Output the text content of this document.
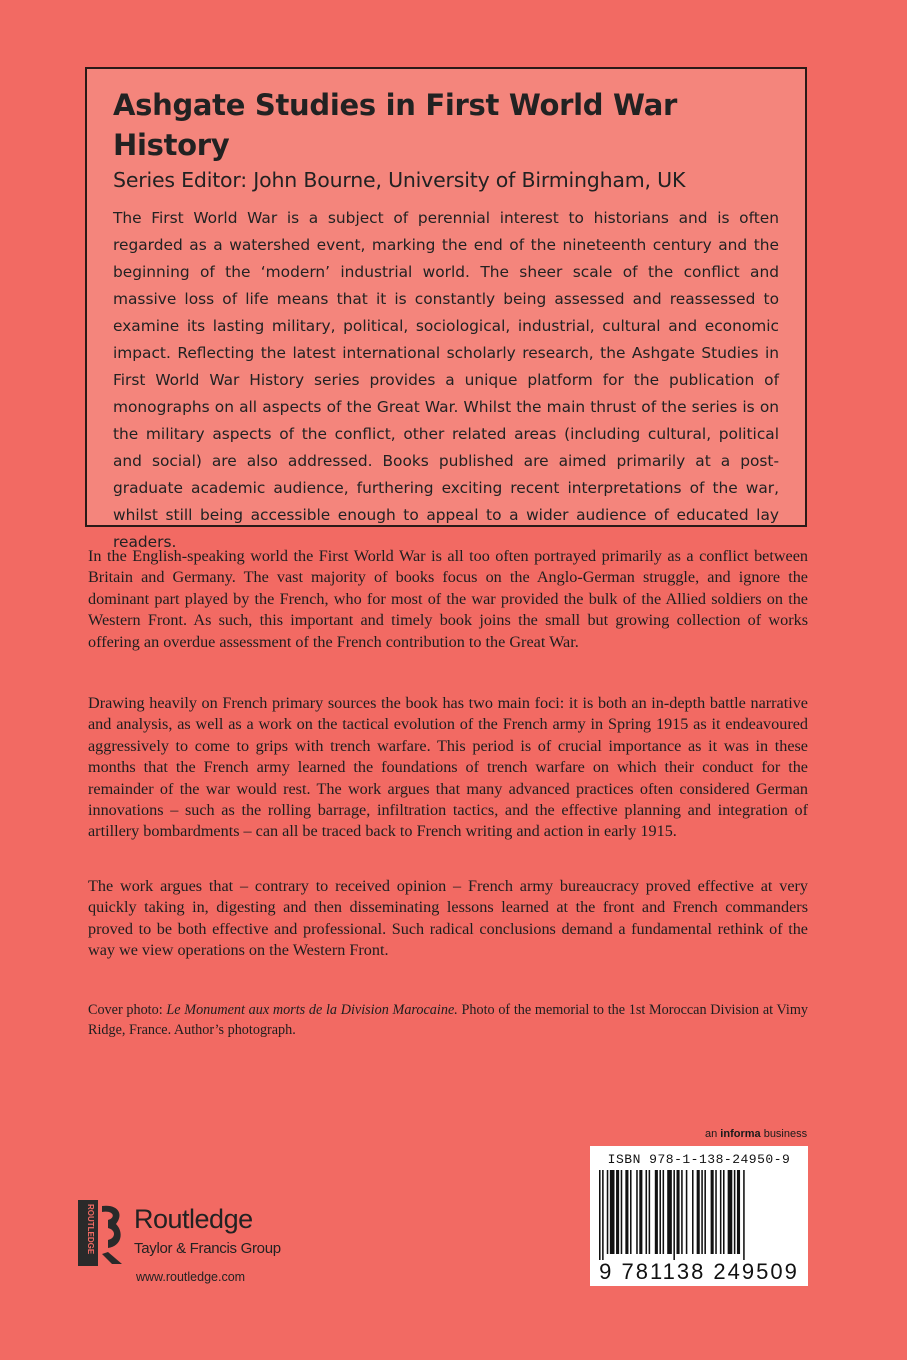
Ashgate Studies in First World War History
Series Editor: John Bourne, University of Birmingham, UK

The First World War is a subject of perennial interest to historians and is often regarded as a watershed event, marking the end of the nineteenth century and the beginning of the ‘modern’ industrial world. The sheer scale of the conflict and massive loss of life means that it is constantly being assessed and reassessed to examine its lasting military, political, sociological, industrial, cultural and economic impact. Reflecting the latest international scholarly research, the Ashgate Studies in First World War History series provides a unique platform for the publication of monographs on all aspects of the Great War. Whilst the main thrust of the series is on the military aspects of the conflict, other related areas (including cultural, political and social) are also addressed. Books published are aimed primarily at a post-graduate academic audience, furthering exciting recent interpretations of the war, whilst still being accessible enough to appeal to a wider audience of educated lay readers.

In the English-speaking world the First World War is all too often portrayed primarily as a conflict between Britain and Germany. The vast majority of books focus on the Anglo-German struggle, and ignore the dominant part played by the French, who for most of the war provided the bulk of the Allied soldiers on the Western Front. As such, this important and timely book joins the small but growing collection of works offering an overdue assessment of the French contribution to the Great War.

Drawing heavily on French primary sources the book has two main foci: it is both an in-depth battle narrative and analysis, as well as a work on the tactical evolution of the French army in Spring 1915 as it endeavoured aggressively to come to grips with trench warfare. This period is of crucial importance as it was in these months that the French army learned the foundations of trench warfare on which their conduct for the remainder of the war would rest. The work argues that many advanced practices often considered German innovations – such as the rolling barrage, infiltration tactics, and the effective planning and integration of artillery bombardments – can all be traced back to French writing and action in early 1915.

The work argues that – contrary to received opinion – French army bureaucracy proved effective at very quickly taking in, digesting and then disseminating lessons learned at the front and French commanders proved to be both effective and professional. Such radical conclusions demand a fundamental rethink of the way we view operations on the Western Front.

Cover photo: Le Monument aux morts de la Division Marocaine. Photo of the memorial to the 1st Moroccan Division at Vimy Ridge, France. Author’s photograph.

an informa business
ISBN 978-1-138-24950-9
9 781138 249509
ROUTLEDGE Routledge
Taylor & Francis Group
www.routledge.com
